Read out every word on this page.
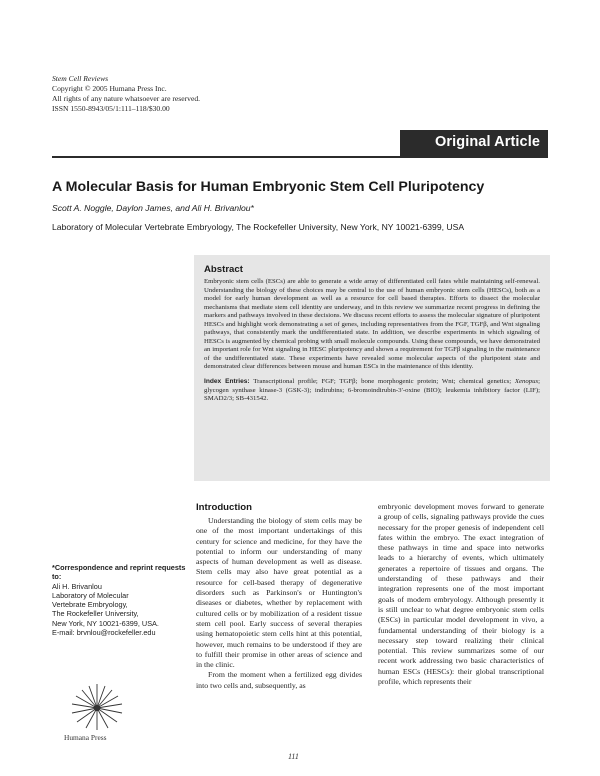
Stem Cell Reviews
Copyright © 2005 Humana Press Inc.
All rights of any nature whatsoever are reserved.
ISSN 1550-8943/05/1:111–118/$30.00
Original Article
A Molecular Basis for Human Embryonic Stem Cell Pluripotency
Scott A. Noggle, Daylon James, and Ali H. Brivanlou*
Laboratory of Molecular Vertebrate Embryology, The Rockefeller University, New York, NY 10021-6399, USA
Abstract
Embryonic stem cells (ESCs) are able to generate a wide array of differentiated cell fates while maintaining self-renewal. Understanding the biology of these choices may be central to the use of human embryonic stem cells (HESCs), both as a model for early human development as well as a resource for cell based therapies. Efforts to dissect the molecular mechanisms that mediate stem cell identity are underway, and in this review we summarize recent progress in defining the markers and pathways involved in these decisions. We discuss recent efforts to assess the molecular signature of pluripotent HESCs and highlight work demonstrating a set of genes, including representatives from the FGF, TGFβ, and Wnt signaling pathways, that consistently mark the undifferentiated state. In addition, we describe experiments in which signaling of HESCs is augmented by chemical probing with small molecule compounds. Using these compounds, we have demonstrated an important role for Wnt signaling in HESC pluripotency and shown a requirement for TGFβ signaling in the maintenance of the undifferentiated state. These experiments have revealed some molecular aspects of the pluripotent state and demonstrated clear differences between mouse and human ESCs in the maintenance of this identity.
Index Entries: Transcriptional profile; FGF; TGFβ; bone morphogenic protein; Wnt; chemical genetics; Xenopus; glycogen synthase kinase-3 (GSK-3); indirubins; 6-bromoindirubin-3′-oxine (BIO); leukemia inhibitory factor (LIF); SMAD2/3; SB-431542.
*Correspondence and reprint requests to:
Ali H. Brivanlou
Laboratory of Molecular
Vertebrate Embryology,
The Rockefeller University,
New York, NY 10021-6399, USA.
E-mail: brvnlou@rockefeller.edu
Humana Press
Introduction

Understanding the biology of stem cells may be one of the most important undertakings of this century for science and medicine, for they have the potential to inform our understanding of many aspects of human development as well as disease. Stem cells may also have great potential as a resource for cell-based therapy of degenerative disorders such as Parkinson's or Huntington's diseases or diabetes, whether by replacement with cultured cells or by mobilization of a resident tissue stem cell pool. Early success of several therapies using hematopoietic stem cells hint at this potential, however, much remains to be understood if they are to fulfill their promise in other areas of science and in the clinic.

From the moment when a fertilized egg divides into two cells and, subsequently, as

embryonic development moves forward to generate a group of cells, signaling pathways provide the cues necessary for the proper genesis of independent cell fates within the embryo. The exact integration of these pathways in time and space into networks leads to a hierarchy of events, which ultimately generates a repertoire of tissues and organs. The understanding of these pathways and their integration represents one of the most important goals of modern embryology. Although presently it is still unclear to what degree embryonic stem cells (ESCs) in particular model development in vivo, a fundamental understanding of their biology is a necessary step toward realizing their clinical potential. This review summarizes some of our recent work addressing two basic characteristics of human ESCs (HESCs): their global transcriptional profile, which represents their

111
